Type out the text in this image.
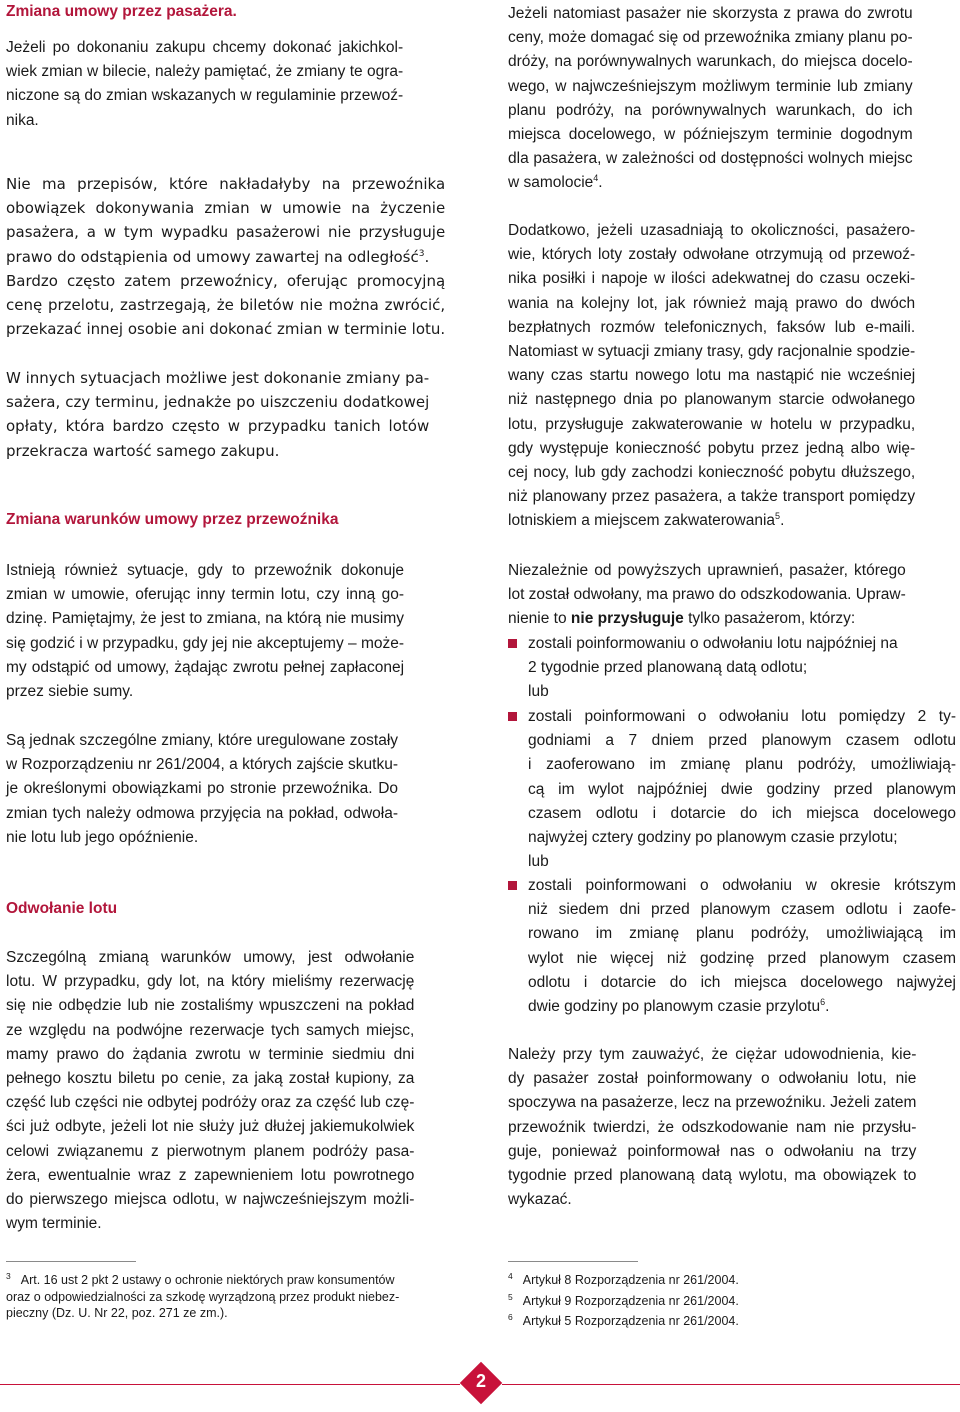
Zmiana umowy przez pasażera.
Jeżeli po dokonaniu zakupu chcemy dokonać jakichkol-
wiek zmian w bilecie, należy pamiętać, że zmiany te ogra-
niczone są do zmian wskazanych w regulaminie przewoź-
nika.
Nie ma przepisów, które nakładałyby na przewoźnika
obowiązek dokonywania zmian w umowie na życzenie
pasażera, a w tym wypadku pasażerowi nie przysługuje
prawo do odstąpienia od umowy zawartej na odległość$^3$.
Bardzo często zatem przewoźnicy, oferując promocyjną
cenę przelotu, zastrzegają, że biletów nie można zwrócić,
przekazać innej osobie ani dokonać zmian w terminie lotu.
W innych sytuacjach możliwe jest dokonanie zmiany pa-
sażera, czy terminu, jednakże po uiszczeniu dodatkowej
opłaty, która bardzo często w przypadku tanich lotów
przekracza wartość samego zakupu.
Zmiana warunków umowy przez przewoźnika
Istnieją również sytuacje, gdy to przewoźnik dokonuje
zmian w umowie, oferując inny termin lotu, czy inną go-
dzinę. Pamiętajmy, że jest to zmiana, na którą nie musimy
się godzić i w przypadku, gdy jej nie akceptujemy – możе-
my odstąpić od umowy, żądając zwrotu pełnej zapłaconej
przez siebie sumy.
Są jednak szczególne zmiany, które uregulowane zostały
w Rozporządzeniu nr 261/2004, a których zajście skutku-
je określonymi obowiązkami po stronie przewoźnika. Do
zmian tych należy odmowa przyjęcia na pokład, odwoła-
nie lotu lub jego opóźnienie.
Odwołanie lotu
Szczególną zmianą warunków umowy, jest odwołanie
lotu. W przypadku, gdy lot, na który mieliśmy rezerwację
się nie odbędzie lub nie zostaliśmy wpuszczeni na pokład
ze względu na podwójne rezerwacje tych samych miejsc,
mamy prawo do żądania zwrotu w terminie siedmiu dni
pełnego kosztu biletu po cenie, za jaką został kupiony, za
część lub części nie odbytej podróży oraz za część lub czę-
ści już odbyte, jeżeli lot nie służy już dłużej jakiemukolwiek
celowi związanemu z pierwotnym planem podróży pasa-
żera, ewentualnie wraz z zapewnieniem lotu powrotnego
do pierwszego miejsca odlotu, w najwcześniejszym możli-
wym terminie.
$^3$ Art. 16 ust 2 pkt 2 ustawy o ochronie niektórych praw konsumentów
oraz o odpowiedzialności za szkodę wyrządzoną przez produkt niebez-
pieczny (Dz. U. Nr 22, poz. 271 ze zm.).
Jeżeli natomiast pasażer nie skorzysta z prawa do zwrotu
ceny, może domagać się od przewoźnika zmiany planu po-
dróży, na porównywalnych warunkach, do miejsca docelo-
wego, w najwcześniejszym możliwym terminie lub zmiany
planu podróży, na porównywalnych warunkach, do ich
miejsca docelowego, w późniejszym terminie dogodnym
dla pasażera, w zależności od dostępności wolnych miejsc
w samolocie$^4$.
Dodatkowo, jeżeli uzasadniają to okoliczności, pasażero-
wie, których loty zostały odwołane otrzymują od przewoź-
nika posiłki i napoje w ilości adekwatnej do czasu oczeki-
wania na kolejny lot, jak również mają prawo do dwóch
bezpłatnych rozmów telefonicznych, faksów lub e-maili.
Natomiast w sytuacji zmiany trasy, gdy racjonalnie spodzie-
wany czas startu nowego lotu ma nastąpić nie wcześniej
niż następnego dnia po planowanym starcie odwołanego
lotu, przysługuje zakwaterowanie w hotelu w przypadku,
gdy występuje konieczność pobytu przez jedną albo wię-
cej nocy, lub gdy zachodzi konieczność pobytu dłuższego,
niż planowany przez pasażera, a także transport pomiędzy
lotniskiem a miejscem zakwaterowania$^5$.
Niezależnie od powyższych uprawnień, pasażer, którego
lot został odwołany, ma prawo do odszkodowania. Upraw-
nienie to nie przysługuje tylko pasażerom, którzy:
zostali poinformowaniu o odwołaniu lotu najpóźniej na
2 tygodnie przed planowaną datą odlotu;
lub
zostali poinformowani o odwołaniu lotu pomiędzy 2 ty-
godniami a 7 dniem przed planowym czasem odlotu
i zaoferowano im zmianę planu podróży, umożliwiają-
cą im wylot najpóźniej dwie godziny przed planowym
czasem odlotu i dotarcie do ich miejsca docelowego
najwyżej cztery godziny po planowym czasie przylotu;
lub
zostali poinformowani o odwołaniu w okresie krótszym
niż siedem dni przed planowym czasem odlotu i zaofe-
rowano im zmianę planu podróży, umożliwiającą im
wylot nie więcej niż godzinę przed planowym czasem
odlotu i dotarcie do ich miejsca docelowego najwyżej
dwie godziny po planowym czasie przylotu$^6$.
Należy przy tym zauważyć, że ciężar udowodnienia, kie-
dy pasażer został poinformowany o odwołaniu lotu, nie
spoczywa na pasażerze, lecz na przewoźniku. Jeżeli zatem
przewoźnik twierdzi, że odszkodowanie nam nie przysłu-
guje, ponieważ poinformował nas o odwołaniu na trzy
tygodnie przed planowaną datą wylotu, ma obowiązek to
wykazać.
$^4$ Artykuł 8 Rozporządzenia nr 261/2004.
$^5$ Artykuł 9 Rozporządzenia nr 261/2004.
$^6$ Artykuł 5 Rozporządzenia nr 261/2004.
2
